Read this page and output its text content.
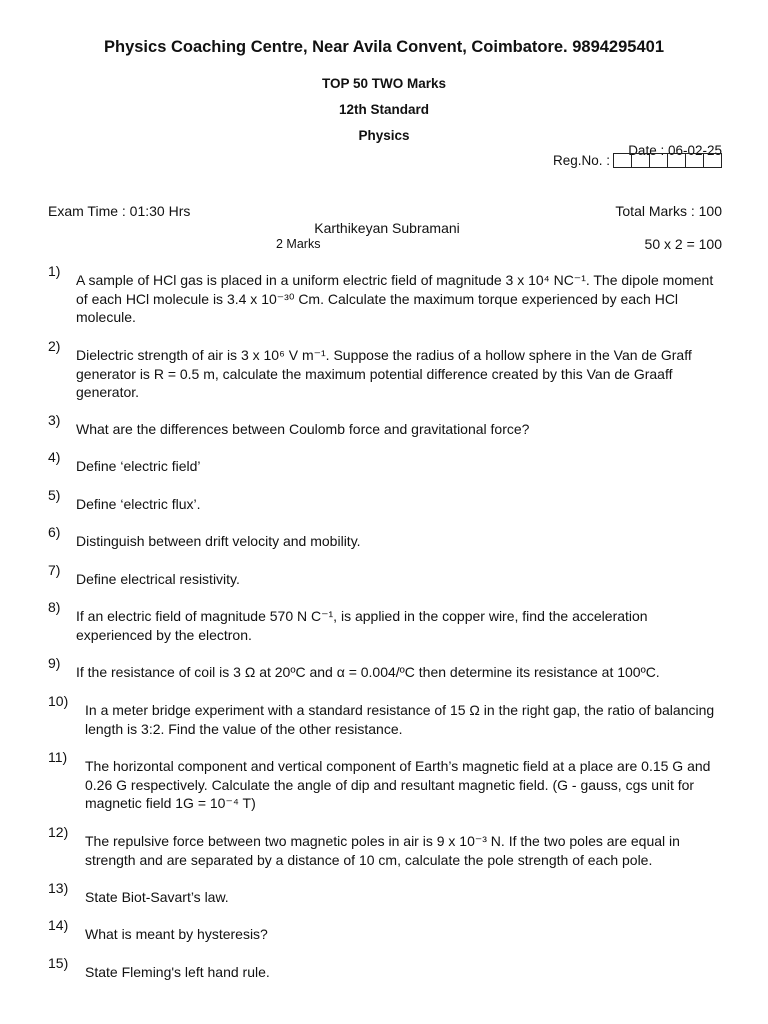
Physics Coaching Centre, Near Avila Convent, Coimbatore. 9894295401
TOP 50 TWO Marks
12th Standard
Physics
Date : 06-02-25
Reg.No. :
Exam Time : 01:30 Hrs	Total Marks : 100
Karthikeyan Subramani
2 Marks	50 x 2 = 100
1)
A sample of HCl gas is placed in a uniform electric field of magnitude 3 x 10⁴ NC⁻¹. The dipole moment of each HCl molecule is 3.4 x 10⁻³⁰ Cm. Calculate the maximum torque experienced by each HCl molecule.
2)
Dielectric strength of air is 3 x 10⁶ V m⁻¹. Suppose the radius of a hollow sphere in the Van de Graff generator is R = 0.5 m, calculate the maximum potential difference created by this Van de Graaff generator.
3)
What are the differences between Coulomb force and gravitational force?
4)
Define ‘electric field’
5)
Define ‘electric flux’.
6)
Distinguish between drift velocity and mobility.
7)
Define electrical resistivity.
8)
If an electric field of magnitude 570 N C⁻¹, is applied in the copper wire, find the acceleration experienced by the electron.
9)
If the resistance of coil is 3 Ω at 20ºC and α = 0.004/ºC then determine its resistance at 100ºC.
10)
In a meter bridge experiment with a standard resistance of 15 Ω in the right gap, the ratio of balancing length is 3:2. Find the value of the other resistance.
11)
The horizontal component and vertical component of Earth’s magnetic field at a place are 0.15 G and 0.26 G respectively. Calculate the angle of dip and resultant magnetic field. (G - gauss, cgs unit for magnetic field 1G = 10⁻⁴ T)
12)
The repulsive force between two magnetic poles in air is 9 x 10⁻³ N. If the two poles are equal in strength and are separated by a distance of 10 cm, calculate the pole strength of each pole.
13)
State Biot-Savart’s law.
14)
What is meant by hysteresis?
15)
State Fleming's left hand rule.
